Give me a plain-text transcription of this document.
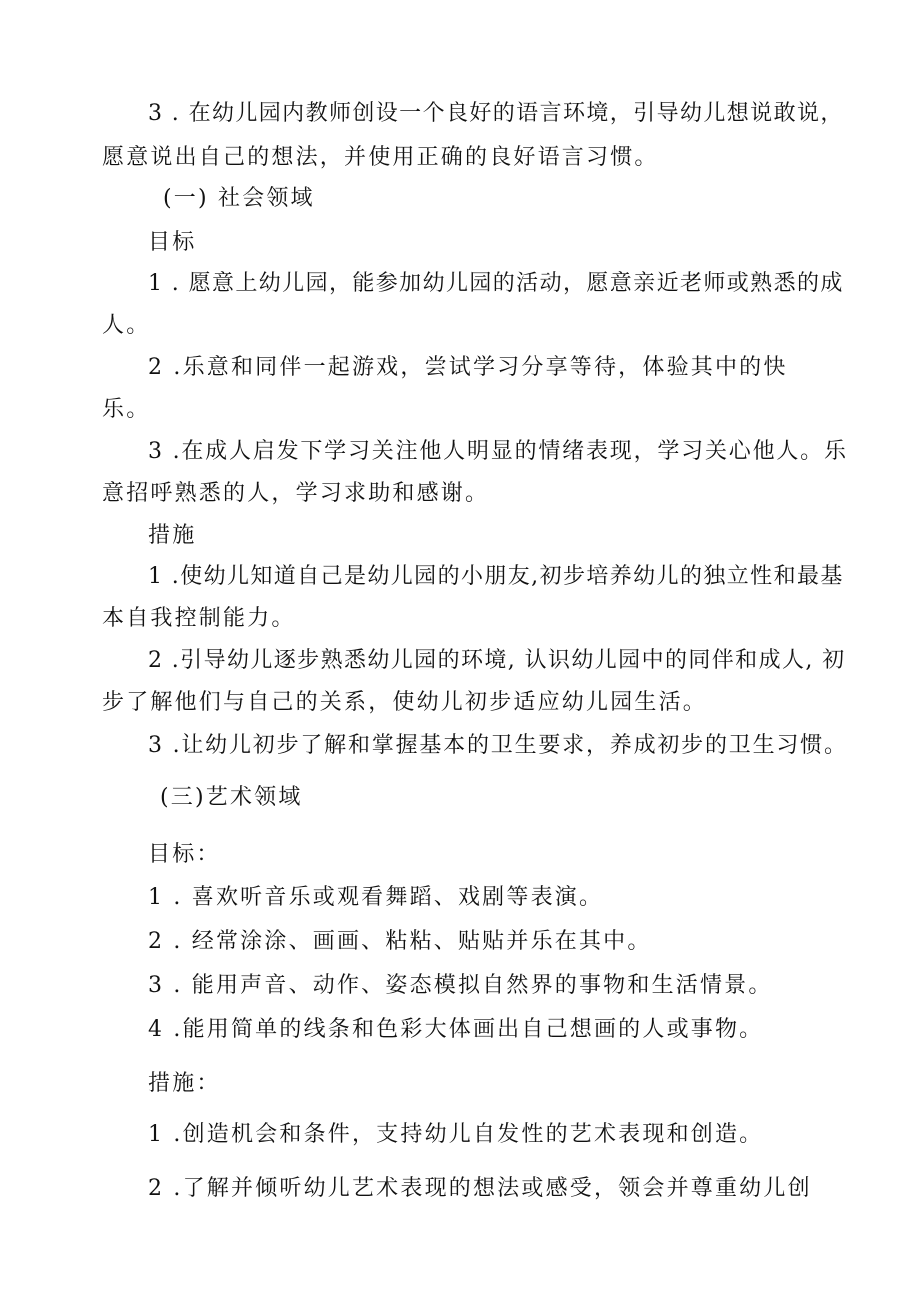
3 . 在幼儿园内教师创设一个良好的语言环境，引导幼儿想说敢说，
愿意说出自己的想法，并使用正确的良好语言习惯。
(一) 社会领域
目标
1 . 愿意上幼儿园，能参加幼儿园的活动，愿意亲近老师或熟悉的成
人。
2 .乐意和同伴一起游戏，尝试学习分享等待，体验其中的快
乐。
3 .在成人启发下学习关注他人明显的情绪表现，学习关心他人。乐
意招呼熟悉的人，学习求助和感谢。
措施
1 .使幼儿知道自己是幼儿园的小朋友,初步培养幼儿的独立性和最基
本自我控制能力。
2 .引导幼儿逐步熟悉幼儿园的环境, 认识幼儿园中的同伴和成人, 初
步了解他们与自己的关系，使幼儿初步适应幼儿园生活。
3 .让幼儿初步了解和掌握基本的卫生要求，养成初步的卫生习惯。
(三)艺术领域
目标：
1 . 喜欢听音乐或观看舞蹈、戏剧等表演。
2 . 经常涂涂、画画、粘粘、贴贴并乐在其中。
3 . 能用声音、动作、姿态模拟自然界的事物和生活情景。
4 .能用简单的线条和色彩大体画出自己想画的人或事物。
措施：
1 .创造机会和条件，支持幼儿自发性的艺术表现和创造。
2 .了解并倾听幼儿艺术表现的想法或感受，领会并尊重幼儿创
